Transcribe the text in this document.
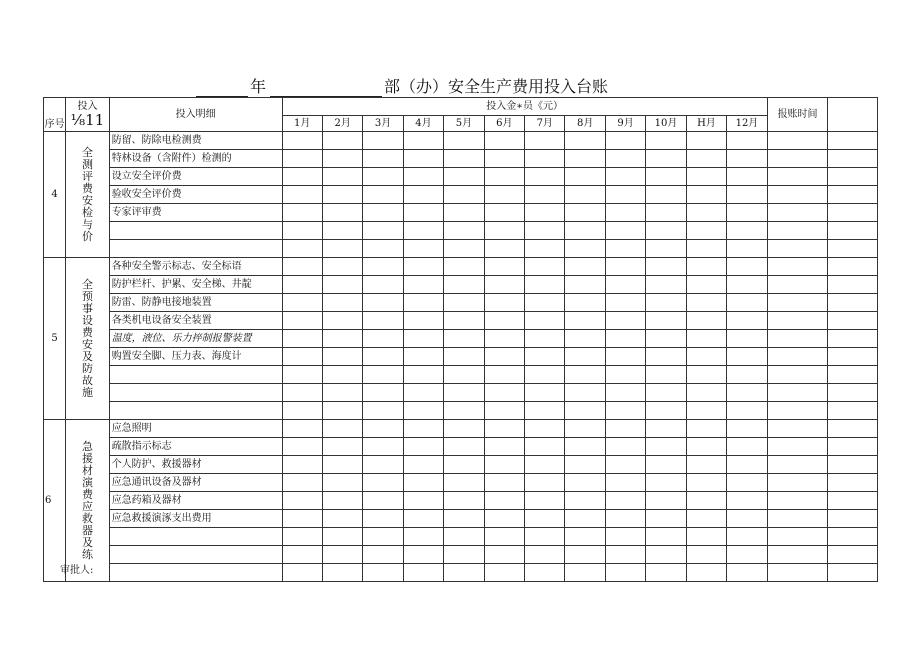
年	部（办）安全生产费用投入台账
序号	投入
¹⁄₈11	投入明细	投入金∗员《元）												报账时间	
			1月	2月	3月	4月	5月	6月	7月	8月	9月	10月	H月	12月		
4	全测评费安检与价	防留、防除电检测费														
		特林设备（含附件）检测的														
		设立安全评价费														
		验收安全评价费														
		专家评审费														

5	全预事设费安及防故施	各种安全警示标志、安全标语														
		防护栏杆、护累、安全梯、井靛														
		防雷、防静电接地装置														
		各类机电设备安全装置														
		温度，液位、乐力捽制报警装置														
		购置安全脚、压力表、海度计														

6	急援材演费应救器及练	应急照明														
		疏散指示标志														
		个人防护、救援器材														
		应急通讯设备及器材														
		应急药箱及器材														
		应急救援演涿支出费用														

审批人:
